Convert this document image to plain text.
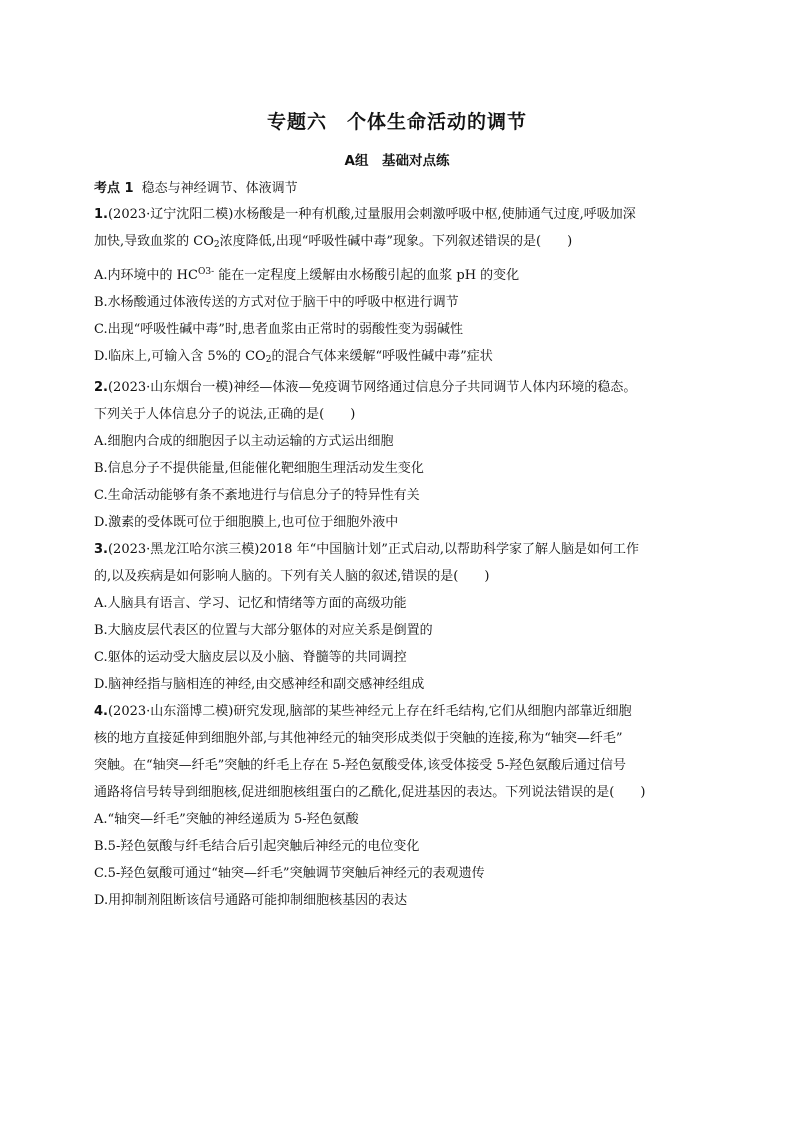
专题六　个体生命活动的调节
A组　基础对点练
考点 1 稳态与神经调节、体液调节
1.(2023·辽宁沈阳二模)水杨酸是一种有机酸,过量服用会刺激呼吸中枢,使肺通气过度,呼吸加深
加快,导致血浆的 $CO_2$浓度降低,出现“呼吸性碱中毒”现象。下列叙述错误的是(　　)
A.内环境中的 $HC^{O3-}$ 能在一定程度上缓解由水杨酸引起的血浆 pH 的变化
B.水杨酸通过体液传送的方式对位于脑干中的呼吸中枢进行调节
C.出现“呼吸性碱中毒”时,患者血浆由正常时的弱酸性变为弱碱性
D.临床上,可输入含 5%的 $CO_2$的混合气体来缓解“呼吸性碱中毒”症状
2.(2023·山东烟台一模)神经—体液—免疫调节网络通过信息分子共同调节人体内环境的稳态。
下列关于人体信息分子的说法,正确的是(　　)
A.细胞内合成的细胞因子以主动运输的方式运出细胞
B.信息分子不提供能量,但能催化靶细胞生理活动发生变化
C.生命活动能够有条不紊地进行与信息分子的特异性有关
D.激素的受体既可位于细胞膜上,也可位于细胞外液中
3.(2023·黑龙江哈尔滨三模)2018 年“中国脑计划”正式启动,以帮助科学家了解人脑是如何工作
的,以及疾病是如何影响人脑的。下列有关人脑的叙述,错误的是(　　)
A.人脑具有语言、学习、记忆和情绪等方面的高级功能
B.大脑皮层代表区的位置与大部分躯体的对应关系是倒置的
C.躯体的运动受大脑皮层以及小脑、脊髓等的共同调控
D.脑神经指与脑相连的神经,由交感神经和副交感神经组成
4.(2023·山东淄博二模)研究发现,脑部的某些神经元上存在纤毛结构,它们从细胞内部靠近细胞
核的地方直接延伸到细胞外部,与其他神经元的轴突形成类似于突触的连接,称为“轴突—纤毛”
突触。在“轴突—纤毛”突触的纤毛上存在 5-羟色氨酸受体,该受体接受 5-羟色氨酸后通过信号
通路将信号转导到细胞核,促进细胞核组蛋白的乙酰化,促进基因的表达。下列说法错误的是(　　)
A.“轴突—纤毛”突触的神经递质为 5-羟色氨酸
B.5-羟色氨酸与纤毛结合后引起突触后神经元的电位变化
C.5-羟色氨酸可通过“轴突—纤毛”突触调节突触后神经元的表观遗传
D.用抑制剂阻断该信号通路可能抑制细胞核基因的表达
